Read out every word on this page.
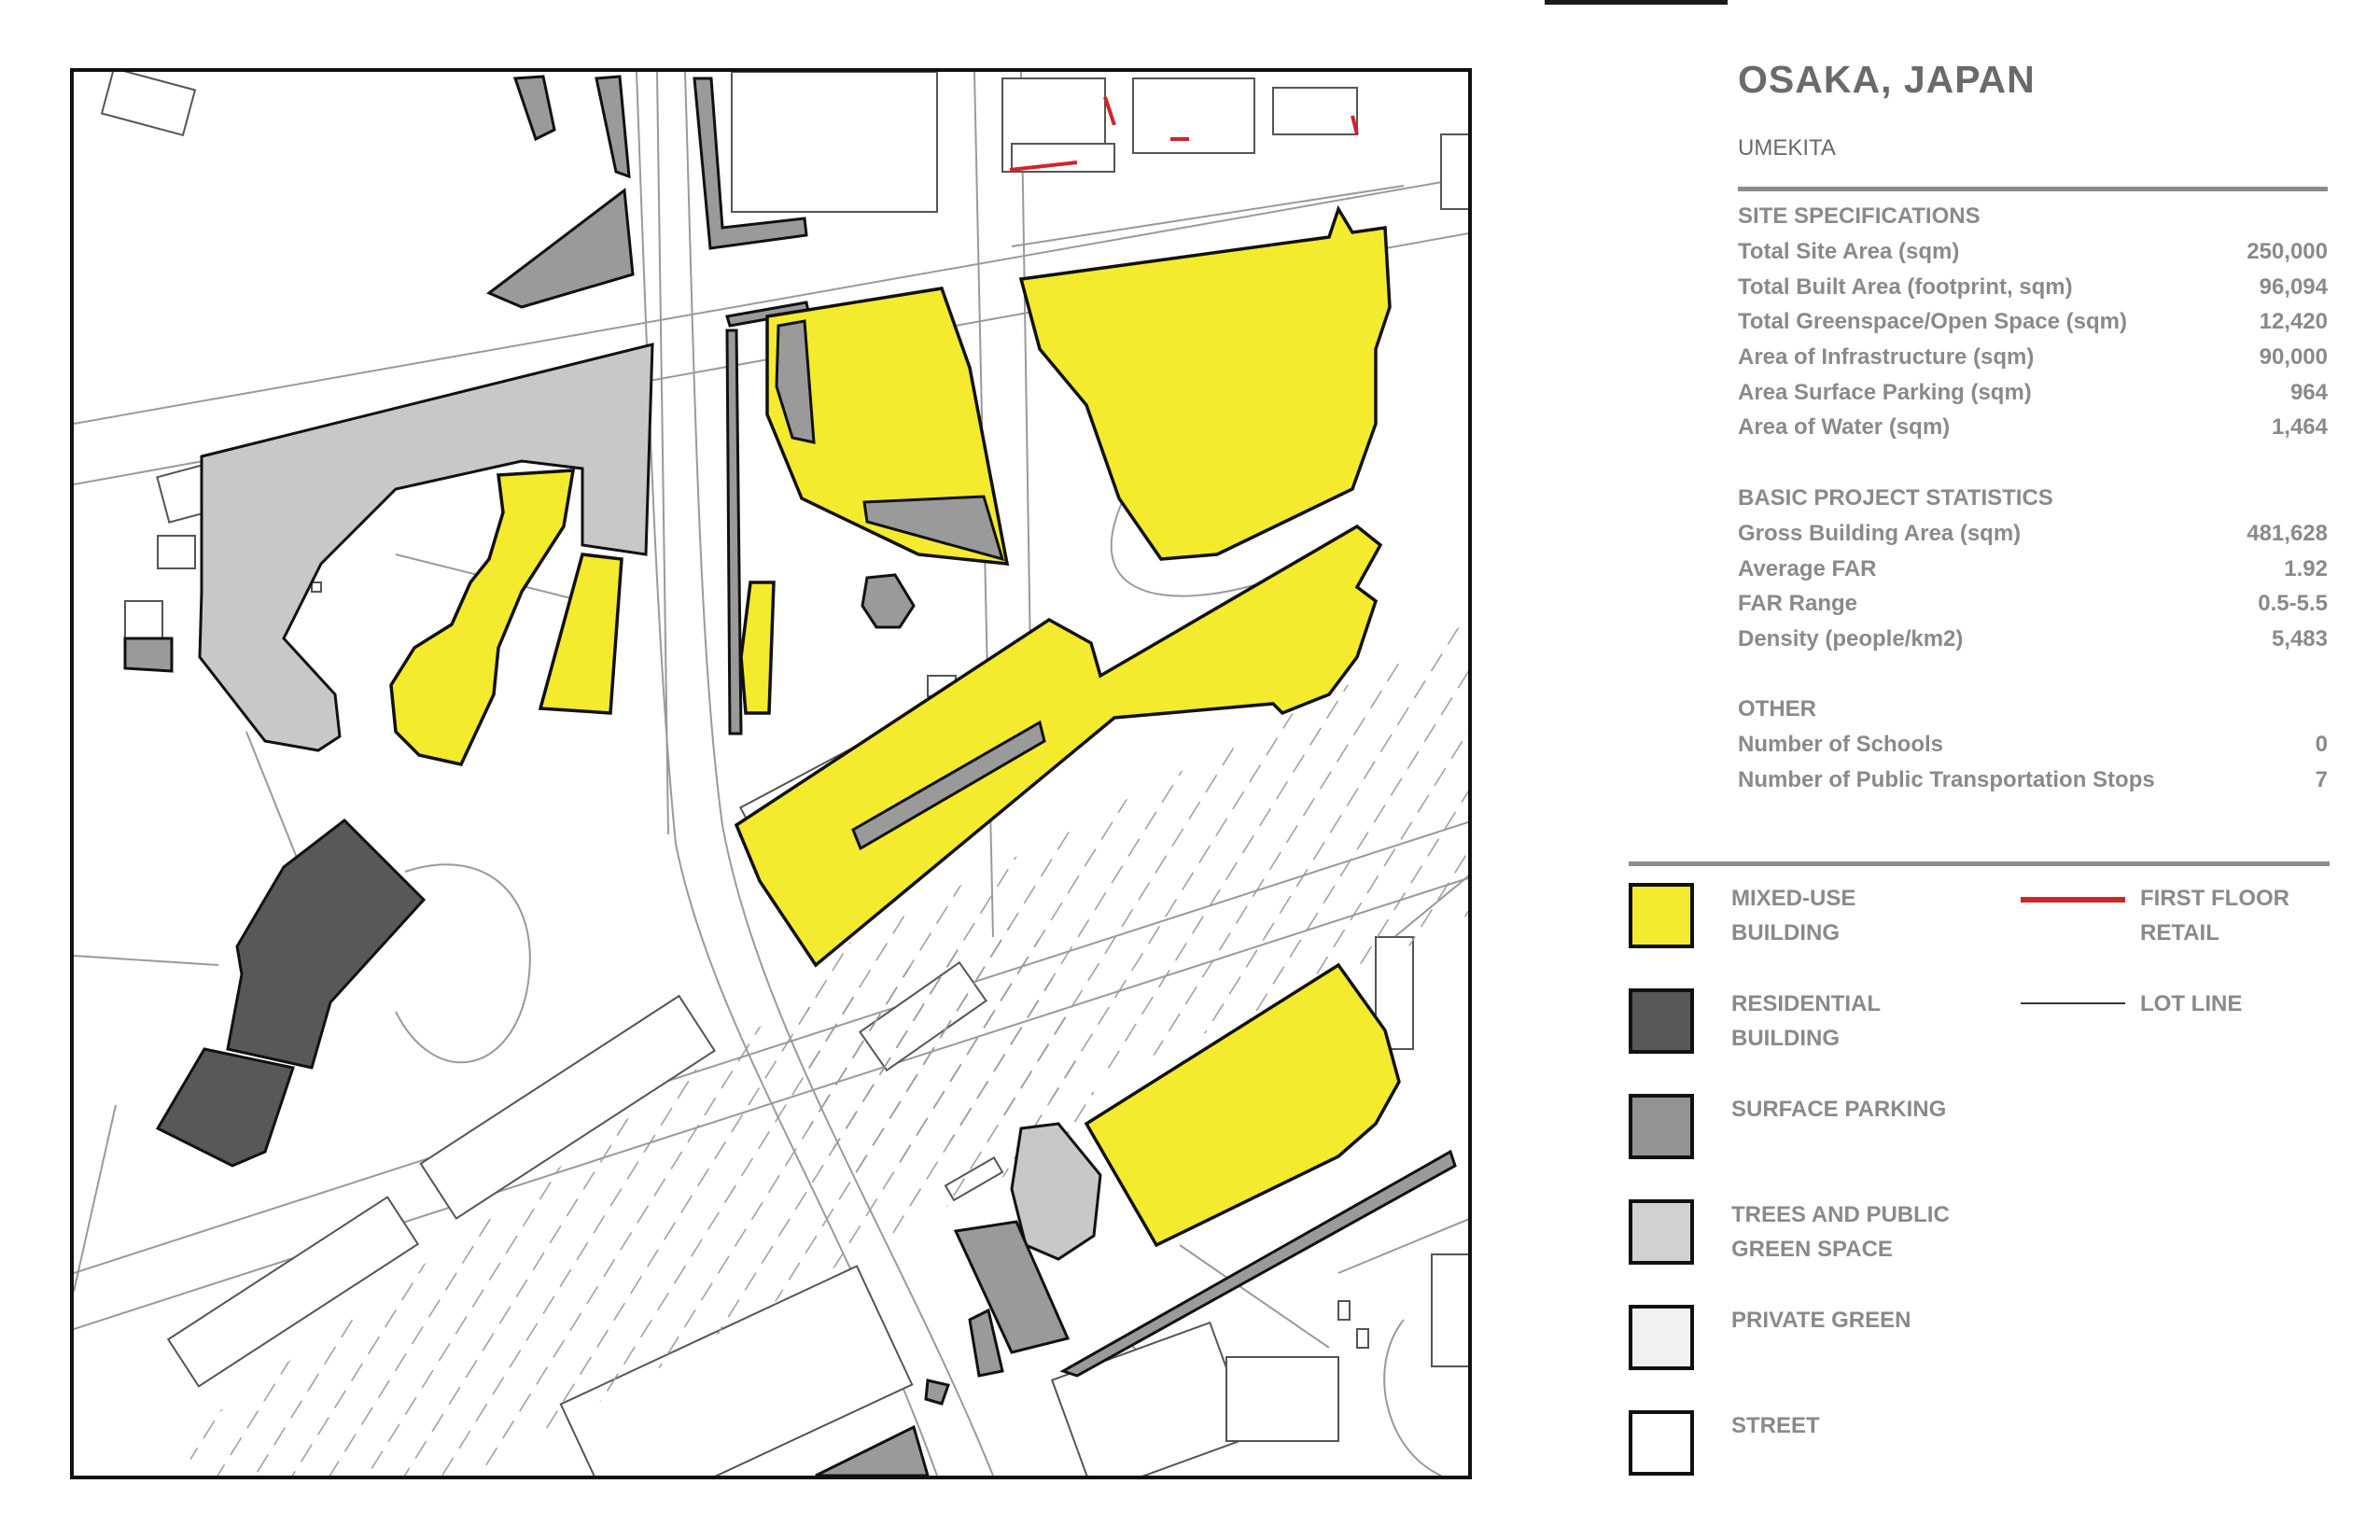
OSAKA, JAPAN
UMEKITA
SITE SPECIFICATIONS
Total Site Area (sqm)	250,000
Total Built Area (footprint, sqm)	96,094
Total Greenspace/Open Space (sqm)	12,420
Area of Infrastructure (sqm)	90,000
Area Surface Parking (sqm)	964
Area of Water (sqm)	1,464
BASIC PROJECT STATISTICS
Gross Building Area (sqm)	481,628
Average FAR	1.92
FAR Range	0.5-5.5
Density (people/km2)	5,483
OTHER
Number of Schools	0
Number of Public Transportation Stops	7
MIXED-USE
BUILDING
RESIDENTIAL
BUILDING
SURFACE PARKING
TREES AND PUBLIC
GREEN SPACE
PRIVATE GREEN
STREET
FIRST FLOOR
RETAIL
LOT LINE
